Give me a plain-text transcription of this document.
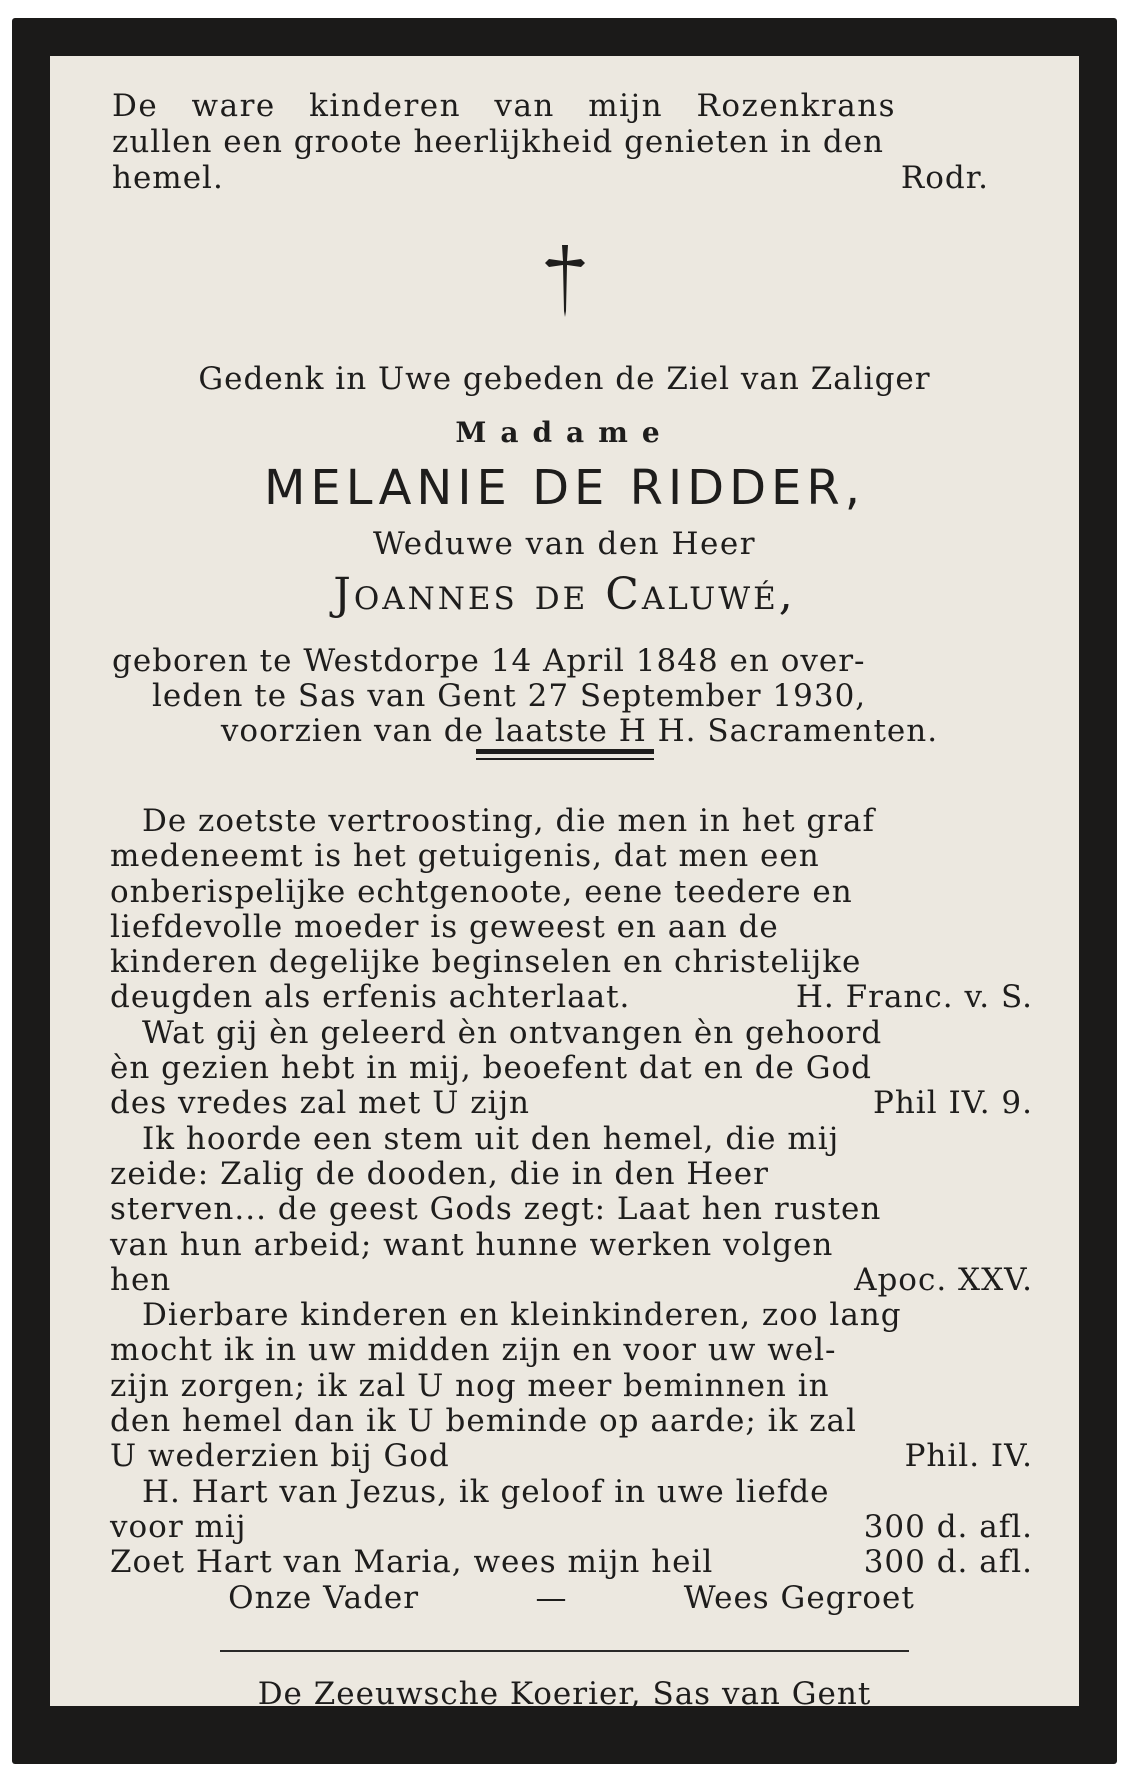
De ware kinderen van mijn Rozenkrans
zullen een groote heerlijkheid genieten in den
hemel.	Rodr.
Gedenk in Uwe gebeden de Ziel van Zaliger
Madame
MELANIE DE RIDDER,
Weduwe van den Heer
Joannes de Caluwé,
geboren te Westdorpe 14 April 1848 en over-
leden te Sas van Gent 27 September 1930,
voorzien van de laatste H H. Sacramenten.
De zoetste vertroosting, die men in het graf
medeneemt is het getuigenis, dat men een
onberispelijke echtgenoote, eene teedere en
liefdevolle moeder is geweest en aan de
kinderen degelijke beginselen en christelijke
deugden als erfenis achterlaat.	H. Franc. v. S.
Wat gij èn geleerd èn ontvangen èn gehoord
èn gezien hebt in mij, beoefent dat en de God
des vredes zal met U zijn	Phil IV. 9.
Ik hoorde een stem uit den hemel, die mij
zeide: Zalig de dooden, die in den Heer
sterven... de geest Gods zegt: Laat hen rusten
van hun arbeid; want hunne werken volgen
hen	Apoc. XXV.
Dierbare kinderen en kleinkinderen, zoo lang
mocht ik in uw midden zijn en voor uw wel-
zijn zorgen; ik zal U nog meer beminnen in
den hemel dan ik U beminde op aarde; ik zal
U wederzien bij God	Phil. IV.
H. Hart van Jezus, ik geloof in uwe liefde
voor mij	300 d. afl.
Zoet Hart van Maria, wees mijn heil	300 d. afl.
Onze Vader	—	Wees Gegroet
De Zeeuwsche Koerier, Sas van Gent
